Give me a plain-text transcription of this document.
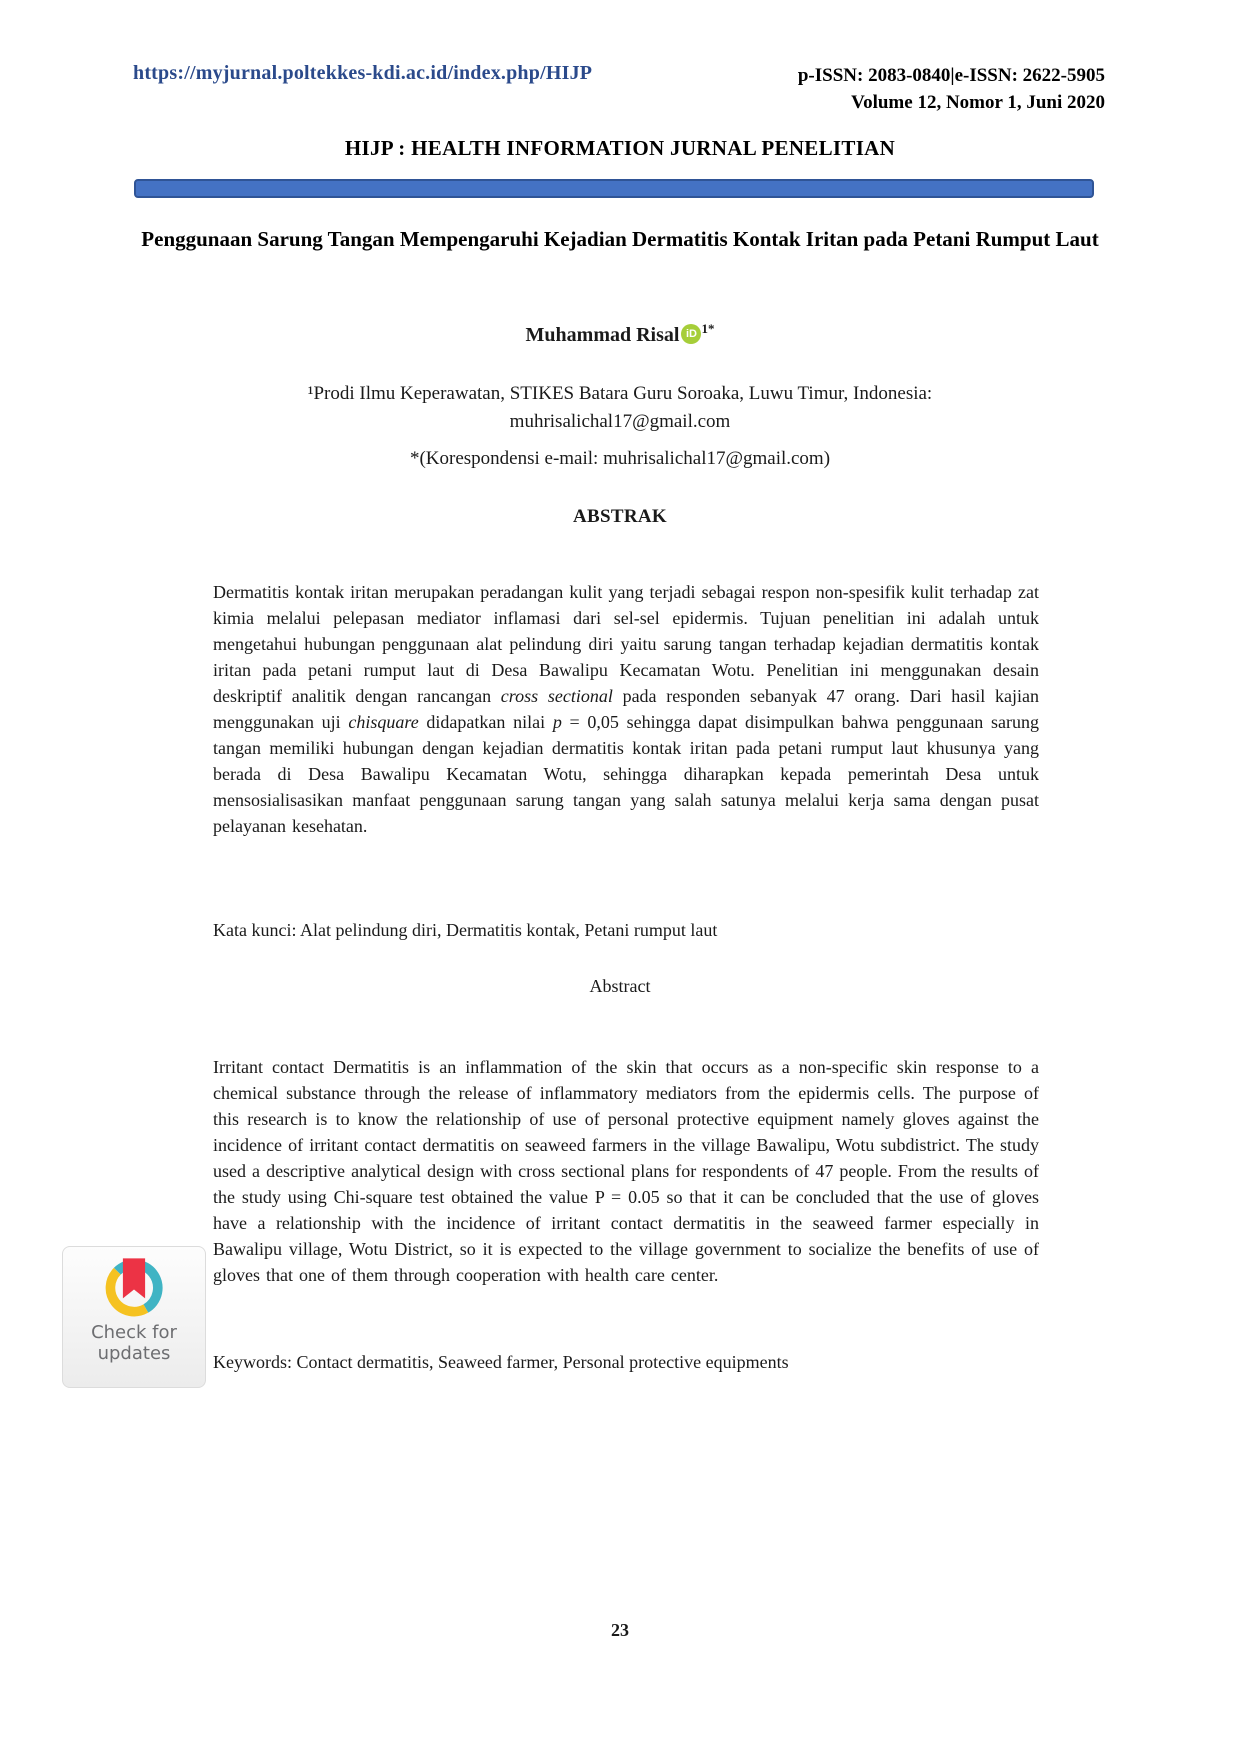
https://myjurnal.poltekkes-kdi.ac.id/index.php/HIJP	p-ISSN: 2083-0840|e-ISSN: 2622-5905
Volume 12, Nomor 1, Juni 2020
HIJP : HEALTH INFORMATION JURNAL PENELITIAN
Penggunaan Sarung Tangan Mempengaruhi Kejadian Dermatitis Kontak Iritan pada Petani Rumput Laut
Muhammad Risal iD $^{1*}$
¹Prodi Ilmu Keperawatan, STIKES Batara Guru Soroaka, Luwu Timur, Indonesia:
muhrisalichal17@gmail.com
*(Korespondensi e-mail: muhrisalichal17@gmail.com)
ABSTRAK

Dermatitis kontak iritan merupakan peradangan kulit yang terjadi sebagai respon non-spesifik kulit terhadap zat kimia melalui pelepasan mediator inflamasi dari sel-sel epidermis. Tujuan penelitian ini adalah untuk mengetahui hubungan penggunaan alat pelindung diri yaitu sarung tangan terhadap kejadian dermatitis kontak iritan pada petani rumput laut di Desa Bawalipu Kecamatan Wotu. Penelitian ini menggunakan desain deskriptif analitik dengan rancangan cross sectional pada responden sebanyak 47 orang. Dari hasil kajian menggunakan uji chisquare didapatkan nilai p = 0,05 sehingga dapat disimpulkan bahwa penggunaan sarung tangan memiliki hubungan dengan kejadian dermatitis kontak iritan pada petani rumput laut khusunya yang berada di Desa Bawalipu Kecamatan Wotu, sehingga diharapkan kepada pemerintah Desa untuk mensosialisasikan manfaat penggunaan sarung tangan yang salah satunya melalui kerja sama dengan pusat pelayanan kesehatan.

Kata kunci: Alat pelindung diri, Dermatitis kontak, Petani rumput laut
Abstract

Irritant contact Dermatitis is an inflammation of the skin that occurs as a non-specific skin response to a chemical substance through the release of inflammatory mediators from the epidermis cells. The purpose of this research is to know the relationship of use of personal protective equipment namely gloves against the incidence of irritant contact dermatitis on seaweed farmers in the village Bawalipu, Wotu subdistrict. The study used a descriptive analytical design with cross sectional plans for respondents of 47 people. From the results of the study using Chi-square test obtained the value P = 0.05 so that it can be concluded that the use of gloves have a relationship with the incidence of irritant contact dermatitis in the seaweed farmer especially in Bawalipu village, Wotu District, so it is expected to the village government to socialize the benefits of use of gloves that one of them through cooperation with health care center.

Keywords: Contact dermatitis, Seaweed farmer, Personal protective equipments
Check for
updates
23
